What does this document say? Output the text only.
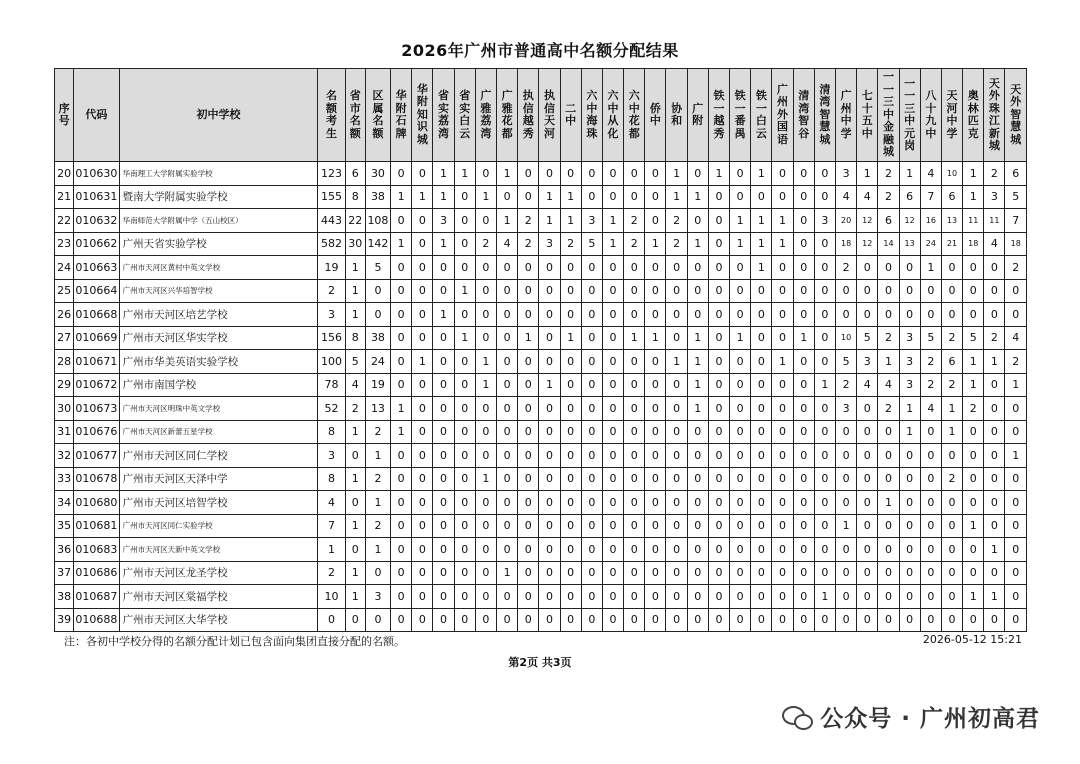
2026年广州市普通高中名额分配结果
序号	代码	初中学校	名额考生	省市名额	区属名额	华附石牌	华附知识城	省实荔湾	省实白云	广雅荔湾	广雅花都	执信越秀	执信天河	二中	六中海珠	六中从化	六中花都	侨中	协和	广附	铁一越秀	铁一番禺	铁一白云	广州外国语	清湾智谷	清湾智慧城	广州中学	七十五中	一一三中金融城	一一三中元岗	八十九中	天河中学	奥林匹克	天外珠江新城	天外智慧城
20	010630	华南理工大学附属实验学校	123	6	30	0	0	1	1	0	1	0	0	0	0	0	0	0	1	0	1	0	1	0	0	0	3	1	2	1	4	10	1	2	6
21	010631	暨南大学附属实验学校	155	8	38	1	1	1	0	1	0	0	1	1	0	0	0	0	1	1	0	0	0	0	0	0	4	4	2	6	7	6	1	3	5
22	010632	华南师范大学附属中学（五山校区）	443	22	108	0	0	3	0	0	1	2	1	1	3	1	2	0	2	0	0	1	1	1	0	3	20	12	6	12	16	13	11	11	7
23	010662	广州天省实验学校	582	30	142	1	0	1	0	2	4	2	3	2	5	1	2	1	2	1	0	1	1	1	0	0	18	12	14	13	24	21	18	4	18
24	010663	广州市天河区黄村中英文学校	19	1	5	0	0	0	0	0	0	0	0	0	0	0	0	0	0	0	0	0	1	0	0	0	2	0	0	0	1	0	0	0	2
25	010664	广州市天河区兴华培智学校	2	1	0	0	0	0	1	0	0	0	0	0	0	0	0	0	0	0	0	0	0	0	0	0	0	0	0	0	0	0	0	0	0
26	010668	广州市天河区培艺学校	3	1	0	0	0	1	0	0	0	0	0	0	0	0	0	0	0	0	0	0	0	0	0	0	0	0	0	0	0	0	0	0	0
27	010669	广州市天河区华实学校	156	8	38	0	0	0	1	0	0	1	0	1	0	0	1	1	0	1	0	1	0	0	1	0	10	5	2	3	5	2	5	2	4
28	010671	广州市华美英语实验学校	100	5	24	0	1	0	0	1	0	0	0	0	0	0	0	0	1	1	0	0	0	1	0	0	5	3	1	3	2	6	1	1	2
29	010672	广州市南国学校	78	4	19	0	0	0	0	1	0	0	1	0	0	0	0	0	0	1	0	0	0	0	0	1	2	4	4	3	2	2	1	0	1
30	010673	广州市天河区明珠中英文学校	52	2	13	1	0	0	0	0	0	0	0	0	0	0	0	0	0	1	0	0	0	0	0	0	3	0	2	1	4	1	2	0	0
31	010676	广州市天河区新蕾五星学校	8	1	2	1	0	0	0	0	0	0	0	0	0	0	0	0	0	0	0	0	0	0	0	0	0	0	0	1	0	1	0	0	0
32	010677	广州市天河区同仁学校	3	0	1	0	0	0	0	0	0	0	0	0	0	0	0	0	0	0	0	0	0	0	0	0	0	0	0	0	0	0	0	0	1
33	010678	广州市天河区天泽中学	8	1	2	0	0	0	0	1	0	0	0	0	0	0	0	0	0	0	0	0	0	0	0	0	0	0	0	0	0	2	0	0	0
34	010680	广州市天河区培智学校	4	0	1	0	0	0	0	0	0	0	0	0	0	0	0	0	0	0	0	0	0	0	0	0	0	0	1	0	0	0	0	0	0
35	010681	广州市天河区同仁实验学校	7	1	2	0	0	0	0	0	0	0	0	0	0	0	0	0	0	0	0	0	0	0	0	0	1	0	0	0	0	0	1	0	0
36	010683	广州市天河区天新中英文学校	1	0	1	0	0	0	0	0	0	0	0	0	0	0	0	0	0	0	0	0	0	0	0	0	0	0	0	0	0	0	0	1	0
37	010686	广州市天河区龙圣学校	2	1	0	0	0	0	0	0	1	0	0	0	0	0	0	0	0	0	0	0	0	0	0	0	0	0	0	0	0	0	0	0	0
38	010687	广州市天河区棠福学校	10	1	3	0	0	0	0	0	0	0	0	0	0	0	0	0	0	0	0	0	0	0	0	1	0	0	0	0	0	0	1	1	0
39	010688	广州市天河区大华学校	0	0	0	0	0	0	0	0	0	0	0	0	0	0	0	0	0	0	0	0	0	0	0	0	0	0	0	0	0	0	0	0	0
注：各初中学校分得的名额分配计划已包含面向集团直接分配的名额。	2026-05-12 15:21
第2页 共3页
公众号 · 广州初高君
